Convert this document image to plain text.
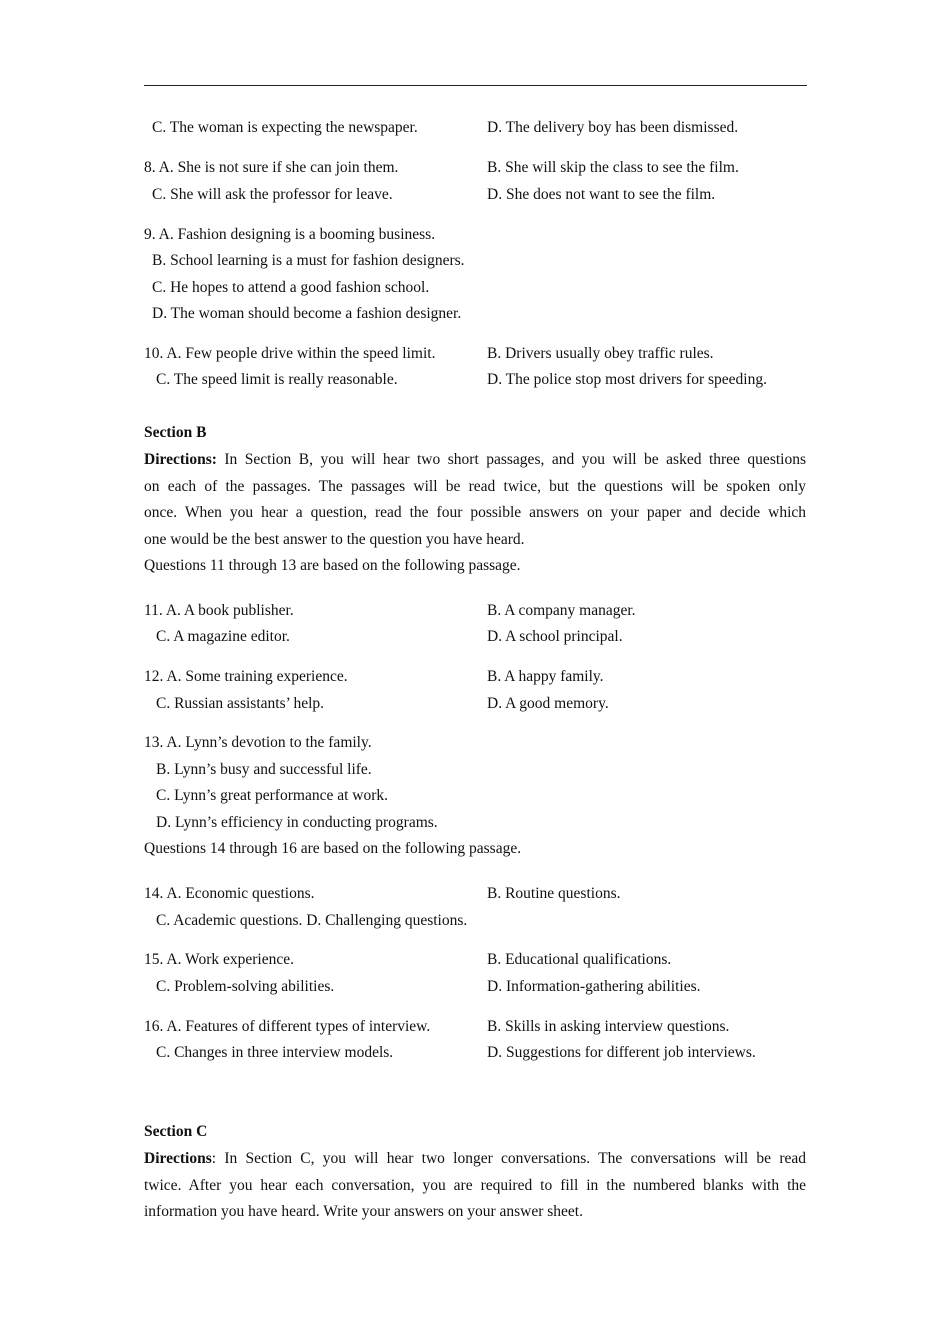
C. The woman is expecting the newspaper.	D. The delivery boy has been dismissed.
8. A. She is not sure if she can join them.	B. She will skip the class to see the film.
C. She will ask the professor for leave.	D. She does not want to see the film.
9. A. Fashion designing is a booming business.
B. School learning is a must for fashion designers.
C. He hopes to attend a good fashion school.
D. The woman should become a fashion designer.
10. A. Few people drive within the speed limit.	B. Drivers usually obey traffic rules.
C. The speed limit is really reasonable.	D. The police stop most drivers for speeding.
Section B
Directions: In Section B, you will hear two short passages, and you will be asked three questions
on each of the passages. The passages will be read twice, but the questions will be spoken only
once. When you hear a question, read the four possible answers on your paper and decide which
one would be the best answer to the question you have heard.
Questions 11 through 13 are based on the following passage.
11. A. A book publisher.	B. A company manager.
C. A magazine editor.	D. A school principal.
12. A. Some training experience.	B. A happy family.
C. Russian assistants’ help.	D. A good memory.
13. A. Lynn’s devotion to the family.
B. Lynn’s busy and successful life.
C. Lynn’s great performance at work.
D. Lynn’s efficiency in conducting programs.
Questions 14 through 16 are based on the following passage.
14. A. Economic questions.	B. Routine questions.
C. Academic questions. D. Challenging questions.
15. A. Work experience.	B. Educational qualifications.
C. Problem-solving abilities.	D. Information-gathering abilities.
16. A. Features of different types of interview.	B. Skills in asking interview questions.
C. Changes in three interview models.	D. Suggestions for different job interviews.
Section C
Directions: In Section C, you will hear two longer conversations. The conversations will be read
twice. After you hear each conversation, you are required to fill in the numbered blanks with the
information you have heard. Write your answers on your answer sheet.
